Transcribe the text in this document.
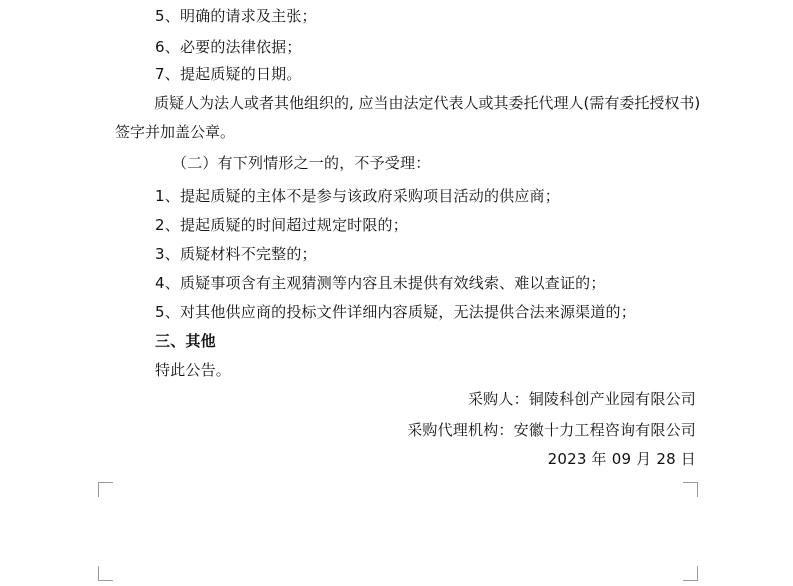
5、明确的请求及主张；
6、必要的法律依据；
7、提起质疑的日期。
质疑人为法人或者其他组织的, 应当由法定代表人或其委托代理人(需有委托授权书)
签字并加盖公章。
（二）有下列情形之一的，不予受理：
1、提起质疑的主体不是参与该政府采购项目活动的供应商；
2、提起质疑的时间超过规定时限的；
3、质疑材料不完整的；
4、质疑事项含有主观猜测等内容且未提供有效线索、难以查证的；
5、对其他供应商的投标文件详细内容质疑，无法提供合法来源渠道的；
三、其他
特此公告。
采购人：铜陵科创产业园有限公司
采购代理机构：安徽十力工程咨询有限公司
2023 年 09 月 28 日
